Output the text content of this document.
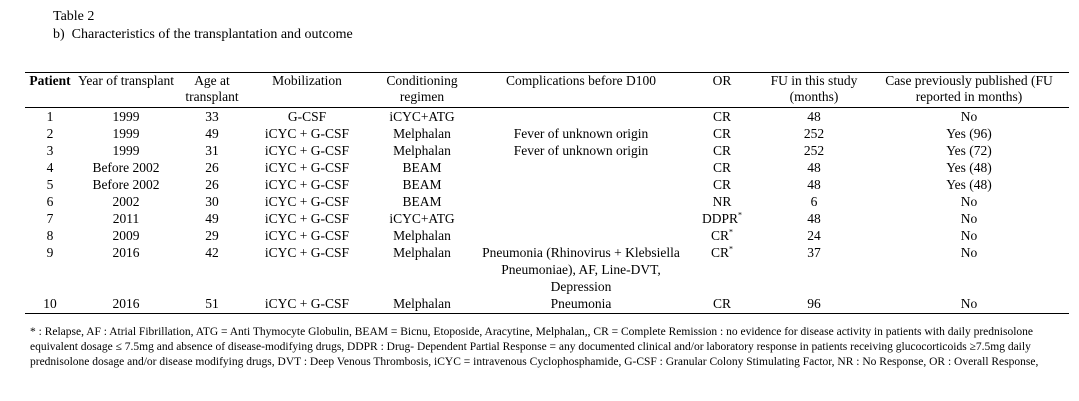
Table 2
b)  Characteristics of the transplantation and outcome
Patient	Year of transplant	Age at transplant	Mobilization	Conditioning regimen	Complications before D100	OR	FU in this study (months)	Case previously published (FU reported in months)
1	1999	33	G-CSF	iCYC+ATG		CR	48	No
2	1999	49	iCYC + G-CSF	Melphalan	Fever of unknown origin	CR	252	Yes (96)
3	1999	31	iCYC + G-CSF	Melphalan	Fever of unknown origin	CR	252	Yes (72)
4	Before 2002	26	iCYC + G-CSF	BEAM		CR	48	Yes (48)
5	Before 2002	26	iCYC + G-CSF	BEAM		CR	48	Yes (48)
6	2002	30	iCYC + G-CSF	BEAM		NR	6	No
7	2011	49	iCYC + G-CSF	iCYC+ATG		DDPR*	48	No
8	2009	29	iCYC + G-CSF	Melphalan		CR*	24	No
9	2016	42	iCYC + G-CSF	Melphalan	Pneumonia (Rhinovirus + Klebsiella Pneumoniae), AF, Line-DVT, Depression	CR*	37	No
10	2016	51	iCYC + G-CSF	Melphalan	Pneumonia	CR	96	No
* : Relapse, AF : Atrial Fibrillation, ATG = Anti Thymocyte Globulin, BEAM = Bicnu, Etoposide, Aracytine, Melphalan,, CR = Complete Remission : no evidence for disease activity in patients with daily prednisolone equivalent dosage ≤ 7.5mg and absence of disease-modifying drugs, DDPR : Drug- Dependent Partial Response = any documented clinical and/or laboratory response in patients receiving glucocorticoids ≥7.5mg daily prednisolone dosage and/or disease modifying drugs, DVT : Deep Venous Thrombosis, iCYC = intravenous Cyclophosphamide, G-CSF : Granular Colony Stimulating Factor, NR : No Response, OR : Overall Response,
